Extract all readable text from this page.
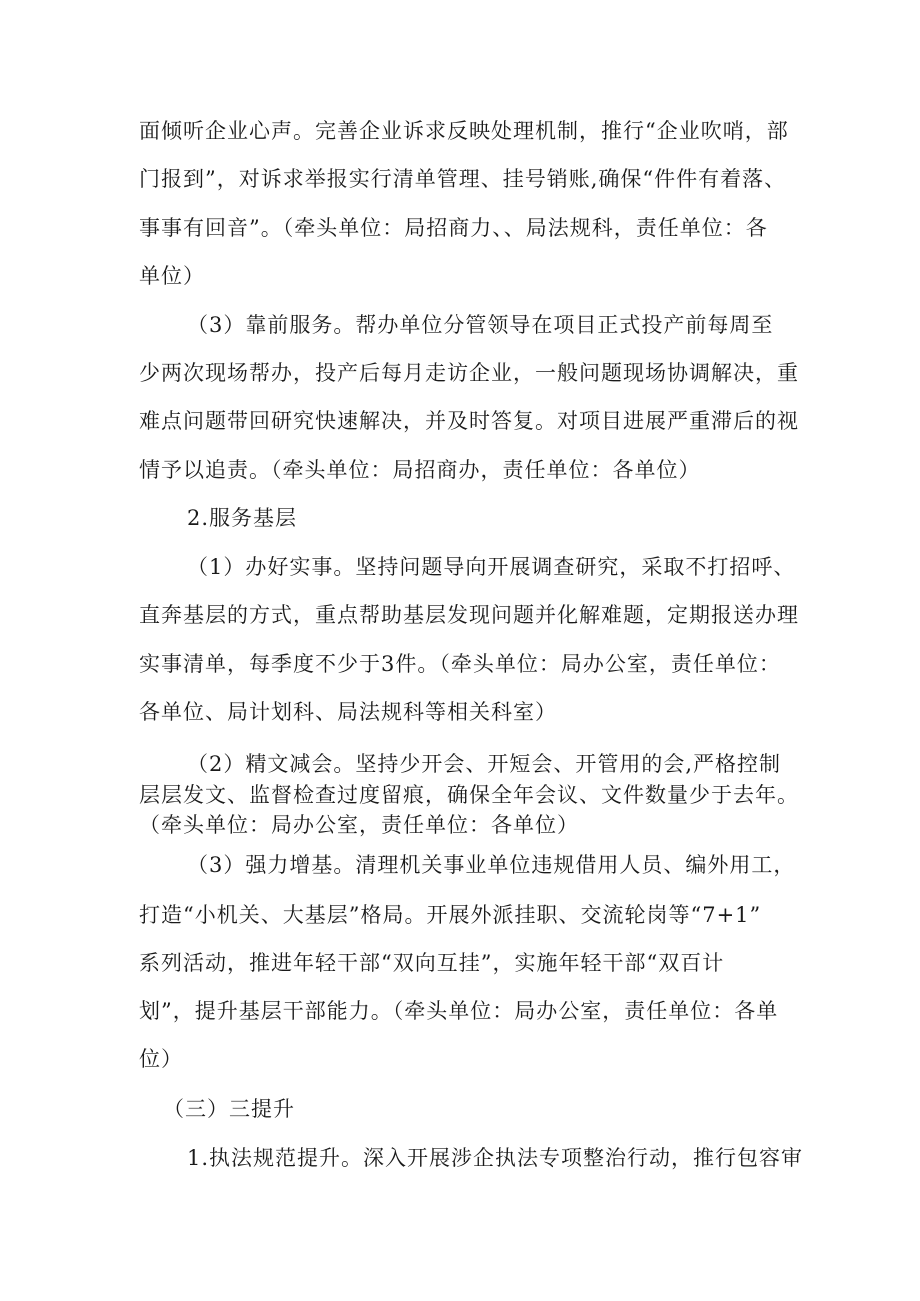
面倾听企业心声。完善企业诉求反映处理机制，推行“企业吹哨，部
门报到”，对诉求举报实行清单管理、挂号销账,确保“件件有着落、
事事有回音”。（牵头单位：局招商力、、局法规科，责任单位：各
单位）
（3）靠前服务。帮办单位分管领导在项目正式投产前每周至
少两次现场帮办，投产后每月走访企业，一般问题现场协调解决，重
难点问题带回研究快速解决，并及时答复。对项目进展严重滞后的视
情予以追责。（牵头单位：局招商办，责任单位：各单位）
2.服务基层
（1）办好实事。坚持问题导向开展调查研究，采取不打招呼、
直奔基层的方式，重点帮助基层发现问题并化解难题，定期报送办理
实事清单，每季度不少于3件。（牵头单位：局办公室，责任单位：
各单位、局计划科、局法规科等相关科室）
（2）精文减会。坚持少开会、开短会、开管用的会,严格控制
层层发文、监督检查过度留痕，确保全年会议、文件数量少于去年。
（牵头单位：局办公室，责任单位：各单位）
（3）强力增基。清理机关事业单位违规借用人员、编外用工，
打造“小机关、大基层”格局。开展外派挂职、交流轮岗等“7+1”
系列活动，推进年轻干部“双向互挂”，实施年轻干部“双百计
划”，提升基层干部能力。（牵头单位：局办公室，责任单位：各单
位）
（三）三提升
1.执法规范提升。深入开展涉企执法专项整治行动，推行包容审
